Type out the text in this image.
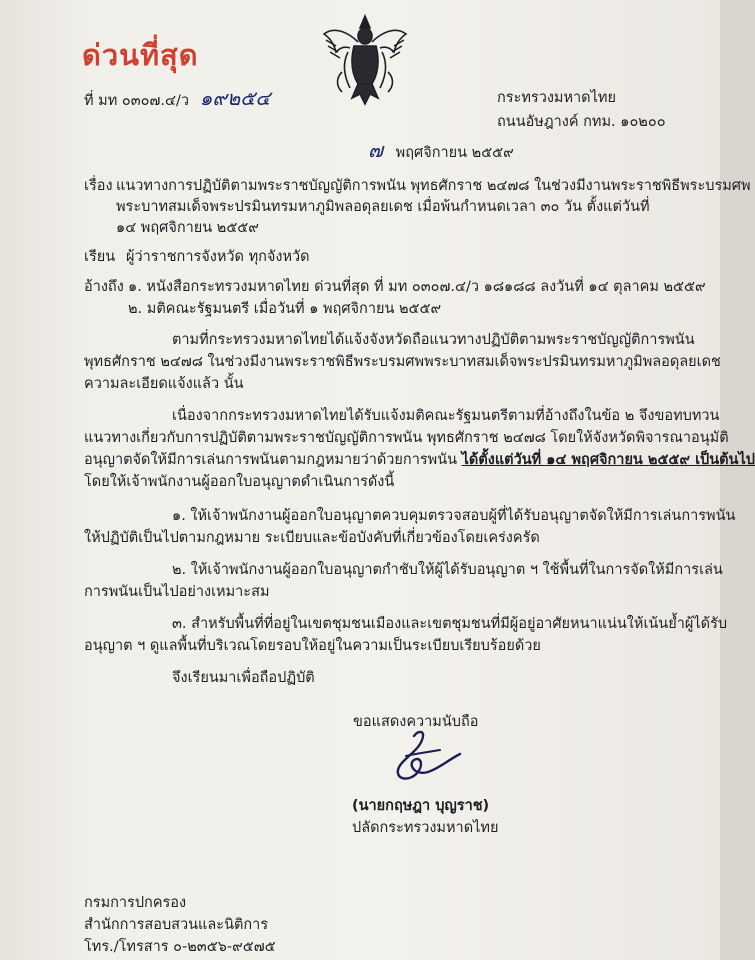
ด่วนที่สุด
ที่ มท ๐๓๐๗.๔/ว ๑๙๒๕๔	กระทรวงมหาดไทย
ถนนอัษฎางค์ กทม. ๑๐๒๐๐
๗ พฤศจิกายน ๒๕๕๙
เรื่อง แนวทางการปฏิบัติตามพระราชบัญญัติการพนัน พุทธศักราช ๒๔๗๘ ในช่วงมีงานพระราชพิธีพระบรมศพ
พระบาทสมเด็จพระปรมินทรมหาภูมิพลอดุลยเดช เมื่อพ้นกำหนดเวลา ๓๐ วัน ตั้งแต่วันที่
๑๔ พฤศจิกายน ๒๕๕๙
เรียน ผู้ว่าราชการจังหวัด ทุกจังหวัด
อ้างถึง ๑. หนังสือกระทรวงมหาดไทย ด่วนที่สุด ที่ มท ๐๓๐๗.๔/ว ๑๘๑๘๘ ลงวันที่ ๑๔ ตุลาคม ๒๕๕๙
๒. มติคณะรัฐมนตรี เมื่อวันที่ ๑ พฤศจิกายน ๒๕๕๙
ตามที่กระทรวงมหาดไทยได้แจ้งจังหวัดถือแนวทางปฏิบัติตามพระราชบัญญัติการพนัน
พุทธศักราช ๒๔๗๘ ในช่วงมีงานพระราชพิธีพระบรมศพพระบาทสมเด็จพระปรมินทรมหาภูมิพลอดุลยเดช
ความละเอียดแจ้งแล้ว นั้น
เนื่องจากกระทรวงมหาดไทยได้รับแจ้งมติคณะรัฐมนตรีตามที่อ้างถึงในข้อ ๒ จึงขอทบทวน
แนวทางเกี่ยวกับการปฏิบัติตามพระราชบัญญัติการพนัน พุทธศักราช ๒๔๗๘ โดยให้จังหวัดพิจารณาอนุมัติ
อนุญาตจัดให้มีการเล่นการพนันตามกฎหมายว่าด้วยการพนัน ได้ตั้งแต่วันที่ ๑๔ พฤศจิกายน ๒๕๕๙ เป็นต้นไป
โดยให้เจ้าพนักงานผู้ออกใบอนุญาตดำเนินการดังนี้
๑. ให้เจ้าพนักงานผู้ออกใบอนุญาตควบคุมตรวจสอบผู้ที่ได้รับอนุญาตจัดให้มีการเล่นการพนัน
ให้ปฏิบัติเป็นไปตามกฎหมาย ระเบียบและข้อบังคับที่เกี่ยวข้องโดยเคร่งครัด
๒. ให้เจ้าพนักงานผู้ออกใบอนุญาตกำชับให้ผู้ได้รับอนุญาต ฯ ใช้พื้นที่ในการจัดให้มีการเล่น
การพนันเป็นไปอย่างเหมาะสม
๓. สำหรับพื้นที่ที่อยู่ในเขตชุมชนเมืองและเขตชุมชนที่มีผู้อยู่อาศัยหนาแน่นให้เน้นย้ำผู้ได้รับ
อนุญาต ฯ ดูแลพื้นที่บริเวณโดยรอบให้อยู่ในความเป็นระเบียบเรียบร้อยด้วย
จึงเรียนมาเพื่อถือปฏิบัติ
ขอแสดงความนับถือ
(นายกฤษฎา บุญราช)
ปลัดกระทรวงมหาดไทย
กรมการปกครอง
สำนักการสอบสวนและนิติการ
โทร./โทรสาร ๐-๒๓๕๖-๙๕๗๕
